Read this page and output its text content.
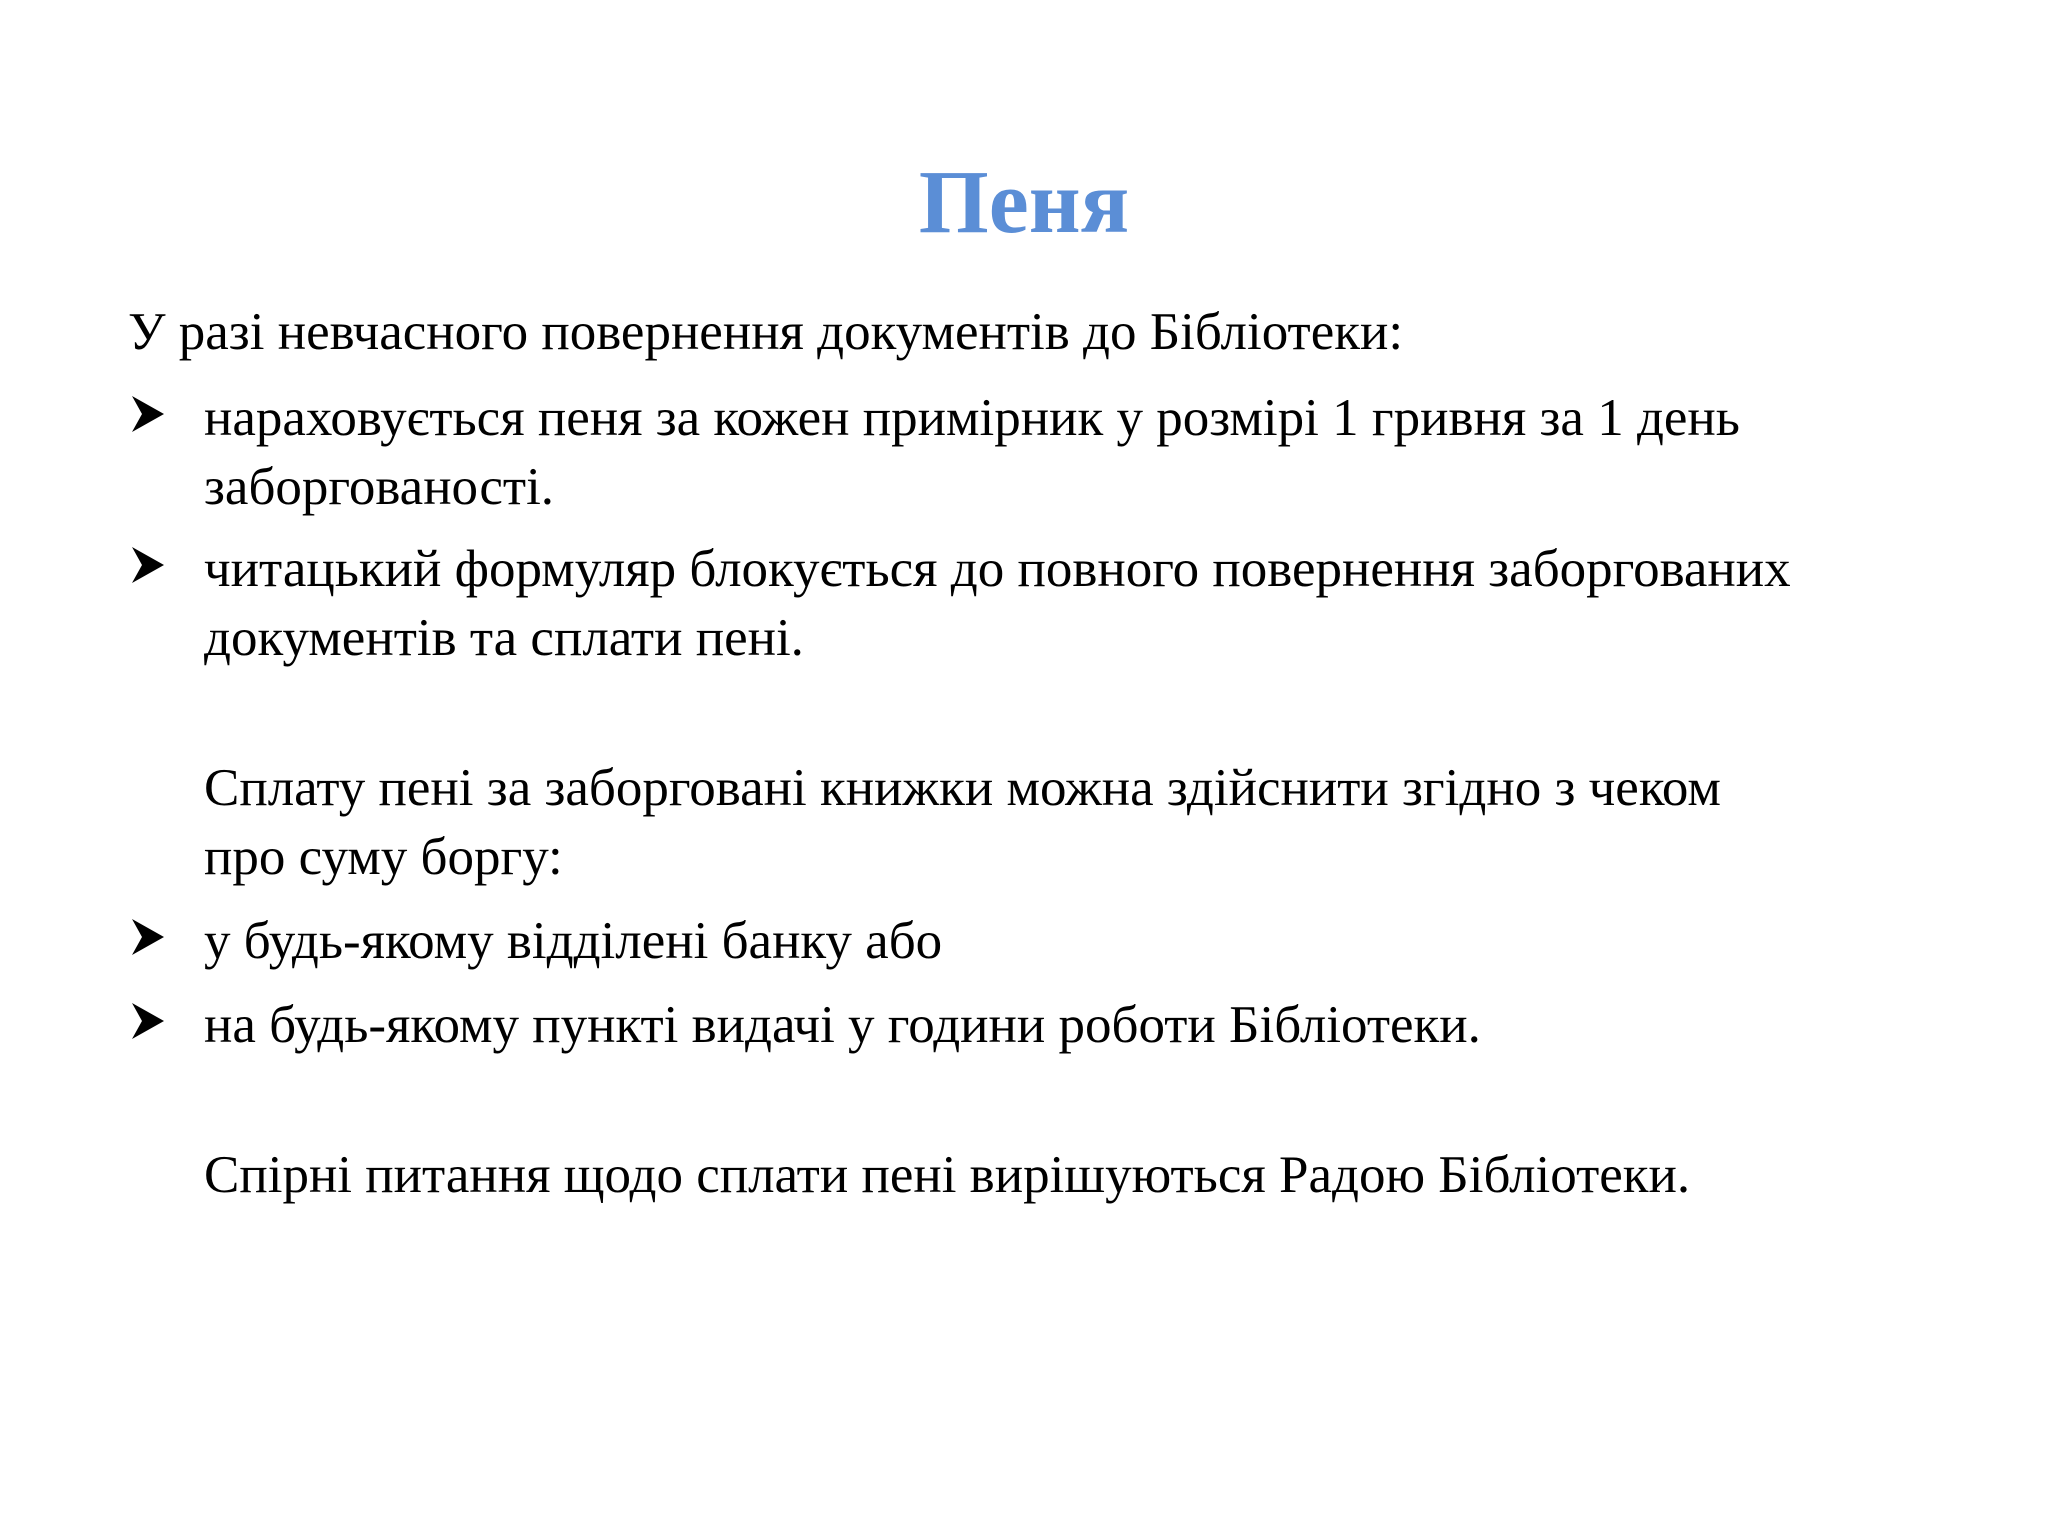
Пеня
У разі невчасного повернення документів до Бібліотеки:
нараховується пеня за кожен примірник у розмірі 1 гривня за 1 день
заборгованості.
читацький формуляр блокується до повного повернення заборгованих
документів та сплати пені.
Сплату пені за заборговані книжки можна здійснити згідно з чеком
про суму боргу:
у будь-якому відділені банку або
на будь-якому пункті видачі у години роботи Бібліотеки.
Спірні питання щодо сплати пені вирішуються Радою Бібліотеки.
